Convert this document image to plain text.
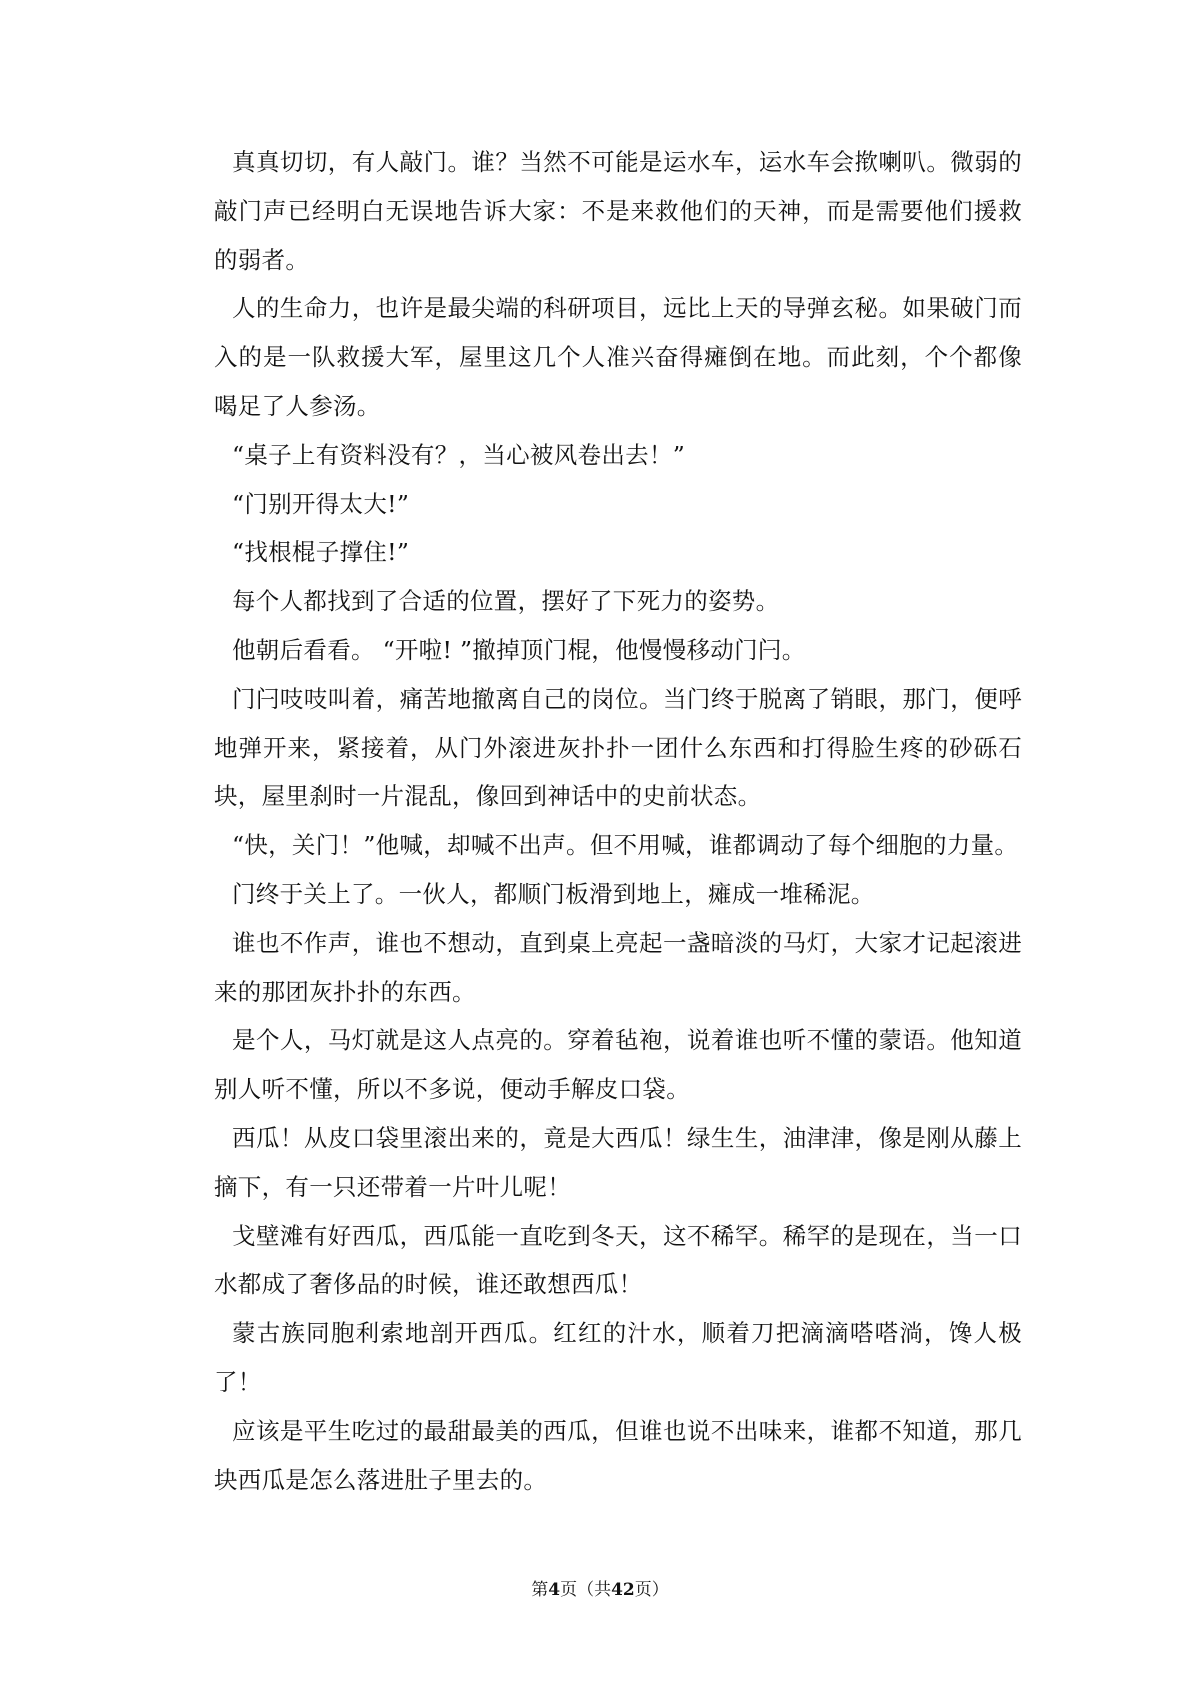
真真切切，有人敲门。谁？当然不可能是运水车，运水车会揿喇叭。微弱的敲门声已经明白无误地告诉大家：不是来救他们的天神，而是需要他们援救的弱者。

人的生命力，也许是最尖端的科研项目，远比上天的导弹玄秘。如果破门而入的是一队救援大军，屋里这几个人准兴奋得瘫倒在地。而此刻，个个都像喝足了人参汤。

“桌子上有资料没有？，当心被风卷出去！”

“门别开得太大!”

“找根棍子撑住!”

每个人都找到了合适的位置，摆好了下死力的姿势。

他朝后看看。 “开啦! ”撤掉顶门棍，他慢慢移动门闩。

门闩吱吱叫着，痛苦地撤离自己的岗位。当门终于脱离了销眼，那门，便呼地弹开来，紧接着，从门外滚进灰扑扑一团什么东西和打得脸生疼的砂砾石块，屋里刹时一片混乱，像回到神话中的史前状态。

“快，关门！”他喊，却喊不出声。但不用喊，谁都调动了每个细胞的力量。

门终于关上了。一伙人，都顺门板滑到地上，瘫成一堆稀泥。

谁也不作声，谁也不想动，直到桌上亮起一盏暗淡的马灯，大家才记起滚进来的那团灰扑扑的东西。

是个人，马灯就是这人点亮的。穿着毡袍，说着谁也听不懂的蒙语。他知道别人听不懂，所以不多说，便动手解皮口袋。

西瓜！从皮口袋里滚出来的，竟是大西瓜！绿生生，油津津，像是刚从藤上摘下，有一只还带着一片叶儿呢！

戈壁滩有好西瓜，西瓜能一直吃到冬天，这不稀罕。稀罕的是现在，当一口水都成了奢侈品的时候，谁还敢想西瓜！

蒙古族同胞利索地剖开西瓜。红红的汁水，顺着刀把滴滴嗒嗒淌，馋人极了！

应该是平生吃过的最甜最美的西瓜，但谁也说不出味来，谁都不知道，那几块西瓜是怎么落进肚子里去的。

第4页（共42页）
